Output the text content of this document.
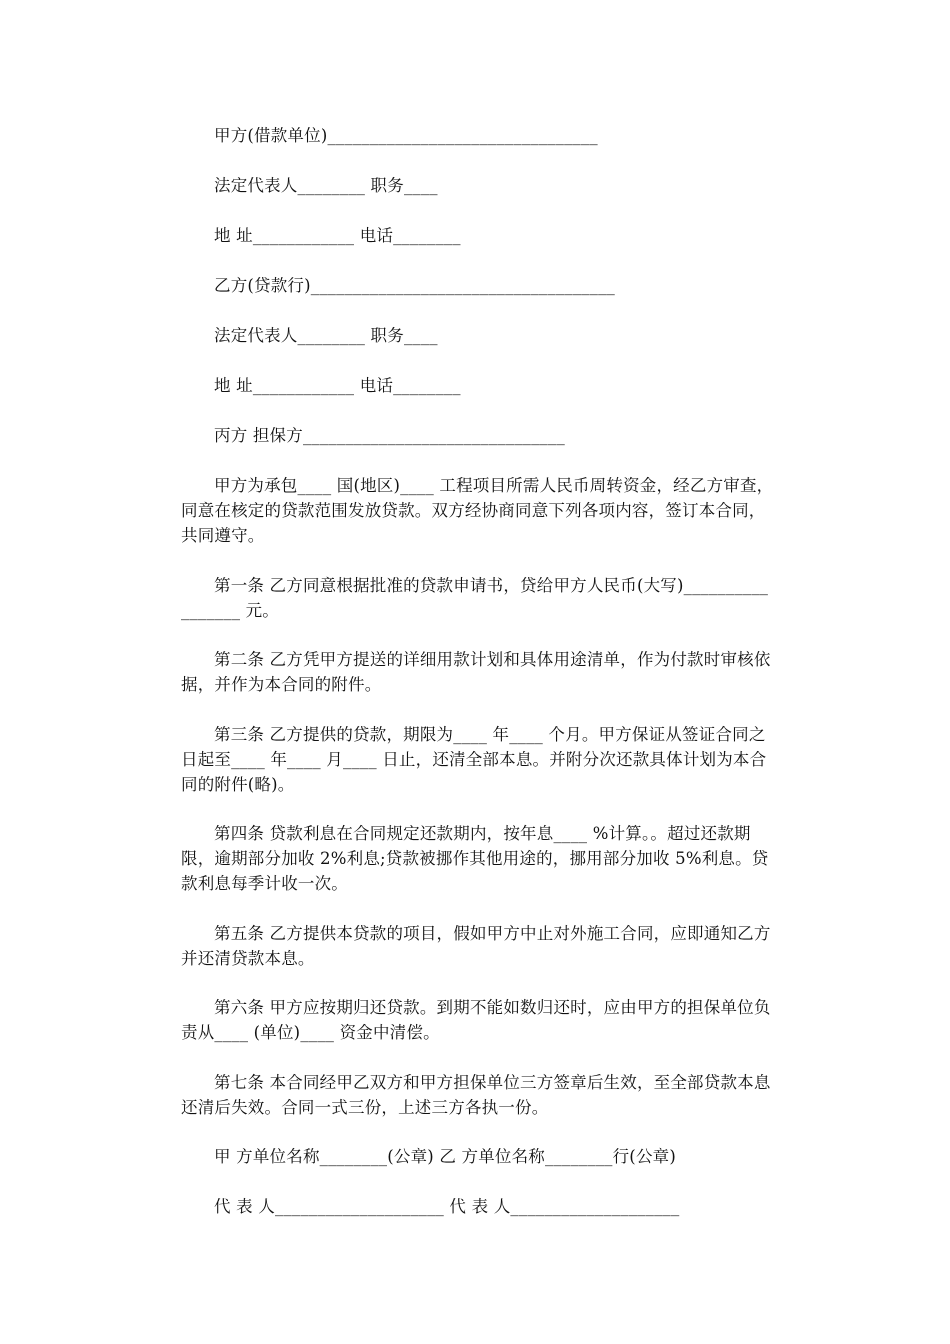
甲方(借款单位)________________________________

法定代表人________ 职务____

地 址____________ 电话________

乙方(贷款行)____________________________________

法定代表人________ 职务____

地 址____________ 电话________

丙方 担保方_______________________________

甲方为承包____ 国(地区)____ 工程项目所需人民币周转资金，经乙方审查，同意在核定的贷款范围发放贷款。双方经协商同意下列各项内容，签订本合同，共同遵守。

第一条 乙方同意根据批准的贷款申请书，贷给甲方人民币(大写)_________________ 元。

第二条 乙方凭甲方提送的详细用款计划和具体用途清单，作为付款时审核依据，并作为本合同的附件。

第三条 乙方提供的贷款，期限为____ 年____ 个月。甲方保证从签证合同之日起至____ 年____ 月____ 日止，还清全部本息。并附分次还款具体计划为本合同的附件(略)。

第四条 贷款利息在合同规定还款期内，按年息____ %计算。。超过还款期限，逾期部分加收 2%利息;贷款被挪作其他用途的，挪用部分加收 5%利息。贷款利息每季计收一次。

第五条 乙方提供本贷款的项目，假如甲方中止对外施工合同，应即通知乙方并还清贷款本息。

第六条 甲方应按期归还贷款。到期不能如数归还时，应由甲方的担保单位负责从____ (单位)____ 资金中清偿。

第七条 本合同经甲乙双方和甲方担保单位三方签章后生效，至全部贷款本息还清后失效。合同一式三份，上述三方各执一份。

甲 方单位名称________(公章) 乙 方单位名称________行(公章)

代 表 人____________________ 代 表 人____________________
